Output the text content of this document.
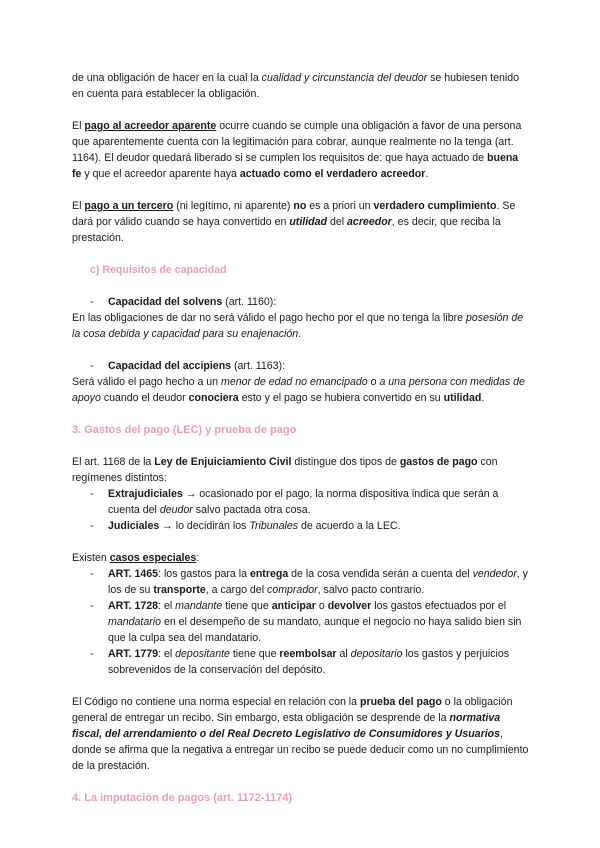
de una obligación de hacer en la cual la cualidad y circunstancia del deudor se hubiesen tenido en cuenta para establecer la obligación.

El pago al acreedor aparente ocurre cuando se cumple una obligación a favor de una persona que aparentemente cuenta con la legitimación para cobrar, aunque realmente no la tenga (art. 1164). El deudor quedará liberado si se cumplen los requisitos de: que haya actuado de buena fe y que el acreedor aparente haya actuado como el verdadero acreedor.

El pago a un tercero (ni legítimo, ni aparente) no es a priori un verdadero cumplimiento. Se dará por válido cuando se haya convertido en utilidad del acreedor, es decir, que reciba la prestación.

c) Requisitos de capacidad

-	Capacidad del solvens (art. 1160):

En las obligaciones de dar no será válido el pago hecho por el que no tenga la libre posesión de la cosa debida y capacidad para su enajenación.

-	Capacidad del accipiens (art. 1163):

Será válido el pago hecho a un menor de edad no emancipado o a una persona con medidas de apoyo cuando el deudor conociera esto y el pago se hubiera convertido en su utilidad.

3. Gastos del pago (LEC) y prueba de pago

El art. 1168 de la Ley de Enjuiciamiento Civil distingue dos tipos de gastos de pago con regímenes distintos:

-	Extrajudiciales → ocasionado por el pago, la norma dispositiva indica que serán a cuenta del deudor salvo pactada otra cosa.
-	Judiciales → lo decidirán los Tribunales de acuerdo a la LEC.

Existen casos especiales:

-	ART. 1465: los gastos para la entrega de la cosa vendida serán a cuenta del vendedor, y los de su transporte, a cargo del comprador, salvo pacto contrario.
-	ART. 1728: el mandante tiene que anticipar o devolver los gastos efectuados por el mandatario en el desempeño de su mandato, aunque el negocio no haya salido bien sin que la culpa sea del mandatario.
-	ART. 1779: el depositante tiene que reembolsar al depositario los gastos y perjuicios sobrevenidos de la conservación del depósito.

El Código no contiene una norma especial en relación con la prueba del pago o la obligación general de entregar un recibo. Sin embargo, esta obligación se desprende de la normativa fiscal, del arrendamiento o del Real Decreto Legislativo de Consumidores y Usuarios, donde se afirma que la negativa a entregar un recibo se puede deducir como un no cumplimiento de la prestación.

4. La imputación de pagos (art. 1172-1174)
